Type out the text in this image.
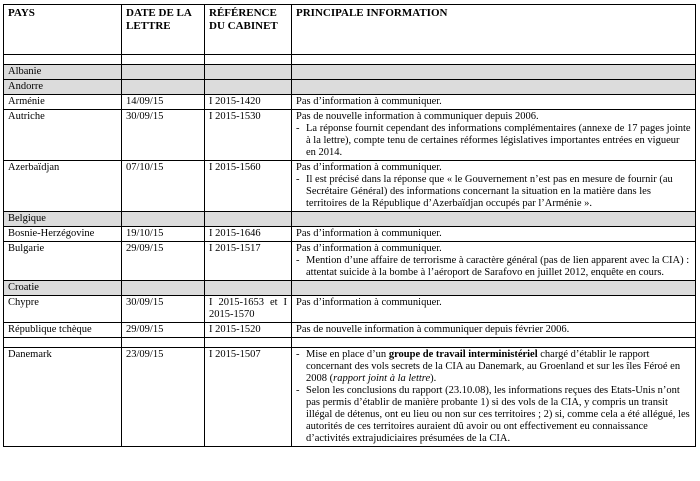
PAYS	DATE DE LA LETTRE	RÉFÉRENCE DU CABINET	PRINCIPALE INFORMATION

Albanie			
Andorre			
Arménie	14/09/15	I 2015-1420	Pas d’information à communiquer.
Autriche	30/09/15	I 2015-1530	Pas de nouvelle information à communiquer depuis 2006.
- La réponse fournit cependant des informations complémentaires (annexe de 17 pages jointe à la lettre), compte tenu de certaines réformes législatives importantes entrées en vigueur en 2014.

Azerbaïdjan	07/10/15	I 2015-1560	Pas d’information à communiquer.
- Il est précisé dans la réponse que « le Gouvernement n’est pas en mesure de fournir (au Secrétaire Général) des informations concernant la situation en la matière dans les territoires de la République d’Azerbaïdjan occupés par l’Arménie ».

Belgique			
Bosnie-Herzégovine	19/10/15	I 2015-1646	Pas d’information à communiquer.
Bulgarie	29/09/15	I 2015-1517	Pas d’information à communiquer.
- Mention d’une affaire de terrorisme à caractère général (pas de lien apparent avec la CIA) : attentat suicide à la bombe à l’aéroport de Sarafovo en juillet 2012, enquête en cours.

Croatie			
Chypre	30/09/15	I 2015-1653 et I 2015-1570	Pas d’information à communiquer.
République tchèque	29/09/15	I 2015-1520	Pas de nouvelle information à communiquer depuis février 2006.

Danemark	23/09/15	I 2015-1507	- Mise en place d’un groupe de travail interministériel chargé d’établir le rapport concernant des vols secrets de la CIA au Danemark, au Groenland et sur les îles Féroé en 2008 (rapport joint à la lettre).
- Selon les conclusions du rapport (23.10.08), les informations reçues des Etats-Unis n’ont pas permis d’établir de manière probante 1) si des vols de la CIA, y compris un transit illégal de détenus, ont eu lieu ou non sur ces territoires ; 2) si, comme cela a été allégué, les autorités de ces territoires auraient dû avoir ou ont effectivement eu connaissance d’activités extrajudiciaires présumées de la CIA.
